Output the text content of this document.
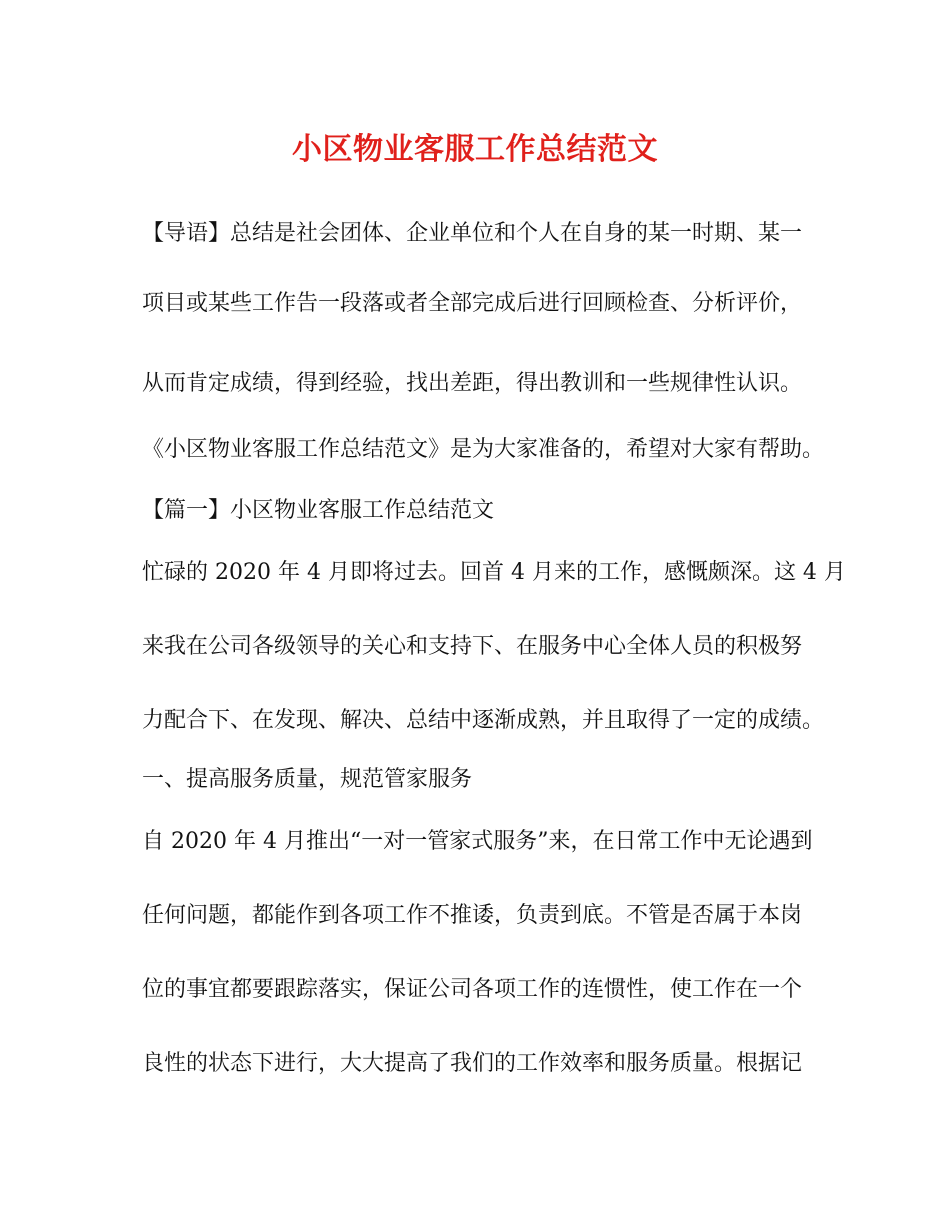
小区物业客服工作总结范文

【导语】总结是社会团体、企业单位和个人在自身的某一时期、某一

项目或某些工作告一段落或者全部完成后进行回顾检查、分析评价，

从而肯定成绩，得到经验，找出差距，得出教训和一些规律性认识。

《小区物业客服工作总结范文》是为大家准备的，希望对大家有帮助。

【篇一】小区物业客服工作总结范文

忙碌的 2020 年 4 月即将过去。回首 4 月来的工作，感慨颇深。这 4 月

来我在公司各级领导的关心和支持下、在服务中心全体人员的积极努

力配合下、在发现、解决、总结中逐渐成熟，并且取得了一定的成绩。

一、提高服务质量，规范管家服务

自 2020 年 4 月推出“一对一管家式服务”来，在日常工作中无论遇到

任何问题，都能作到各项工作不推诿，负责到底。不管是否属于本岗

位的事宜都要跟踪落实，保证公司各项工作的连惯性，使工作在一个

良性的状态下进行，大大提高了我们的工作效率和服务质量。根据记
